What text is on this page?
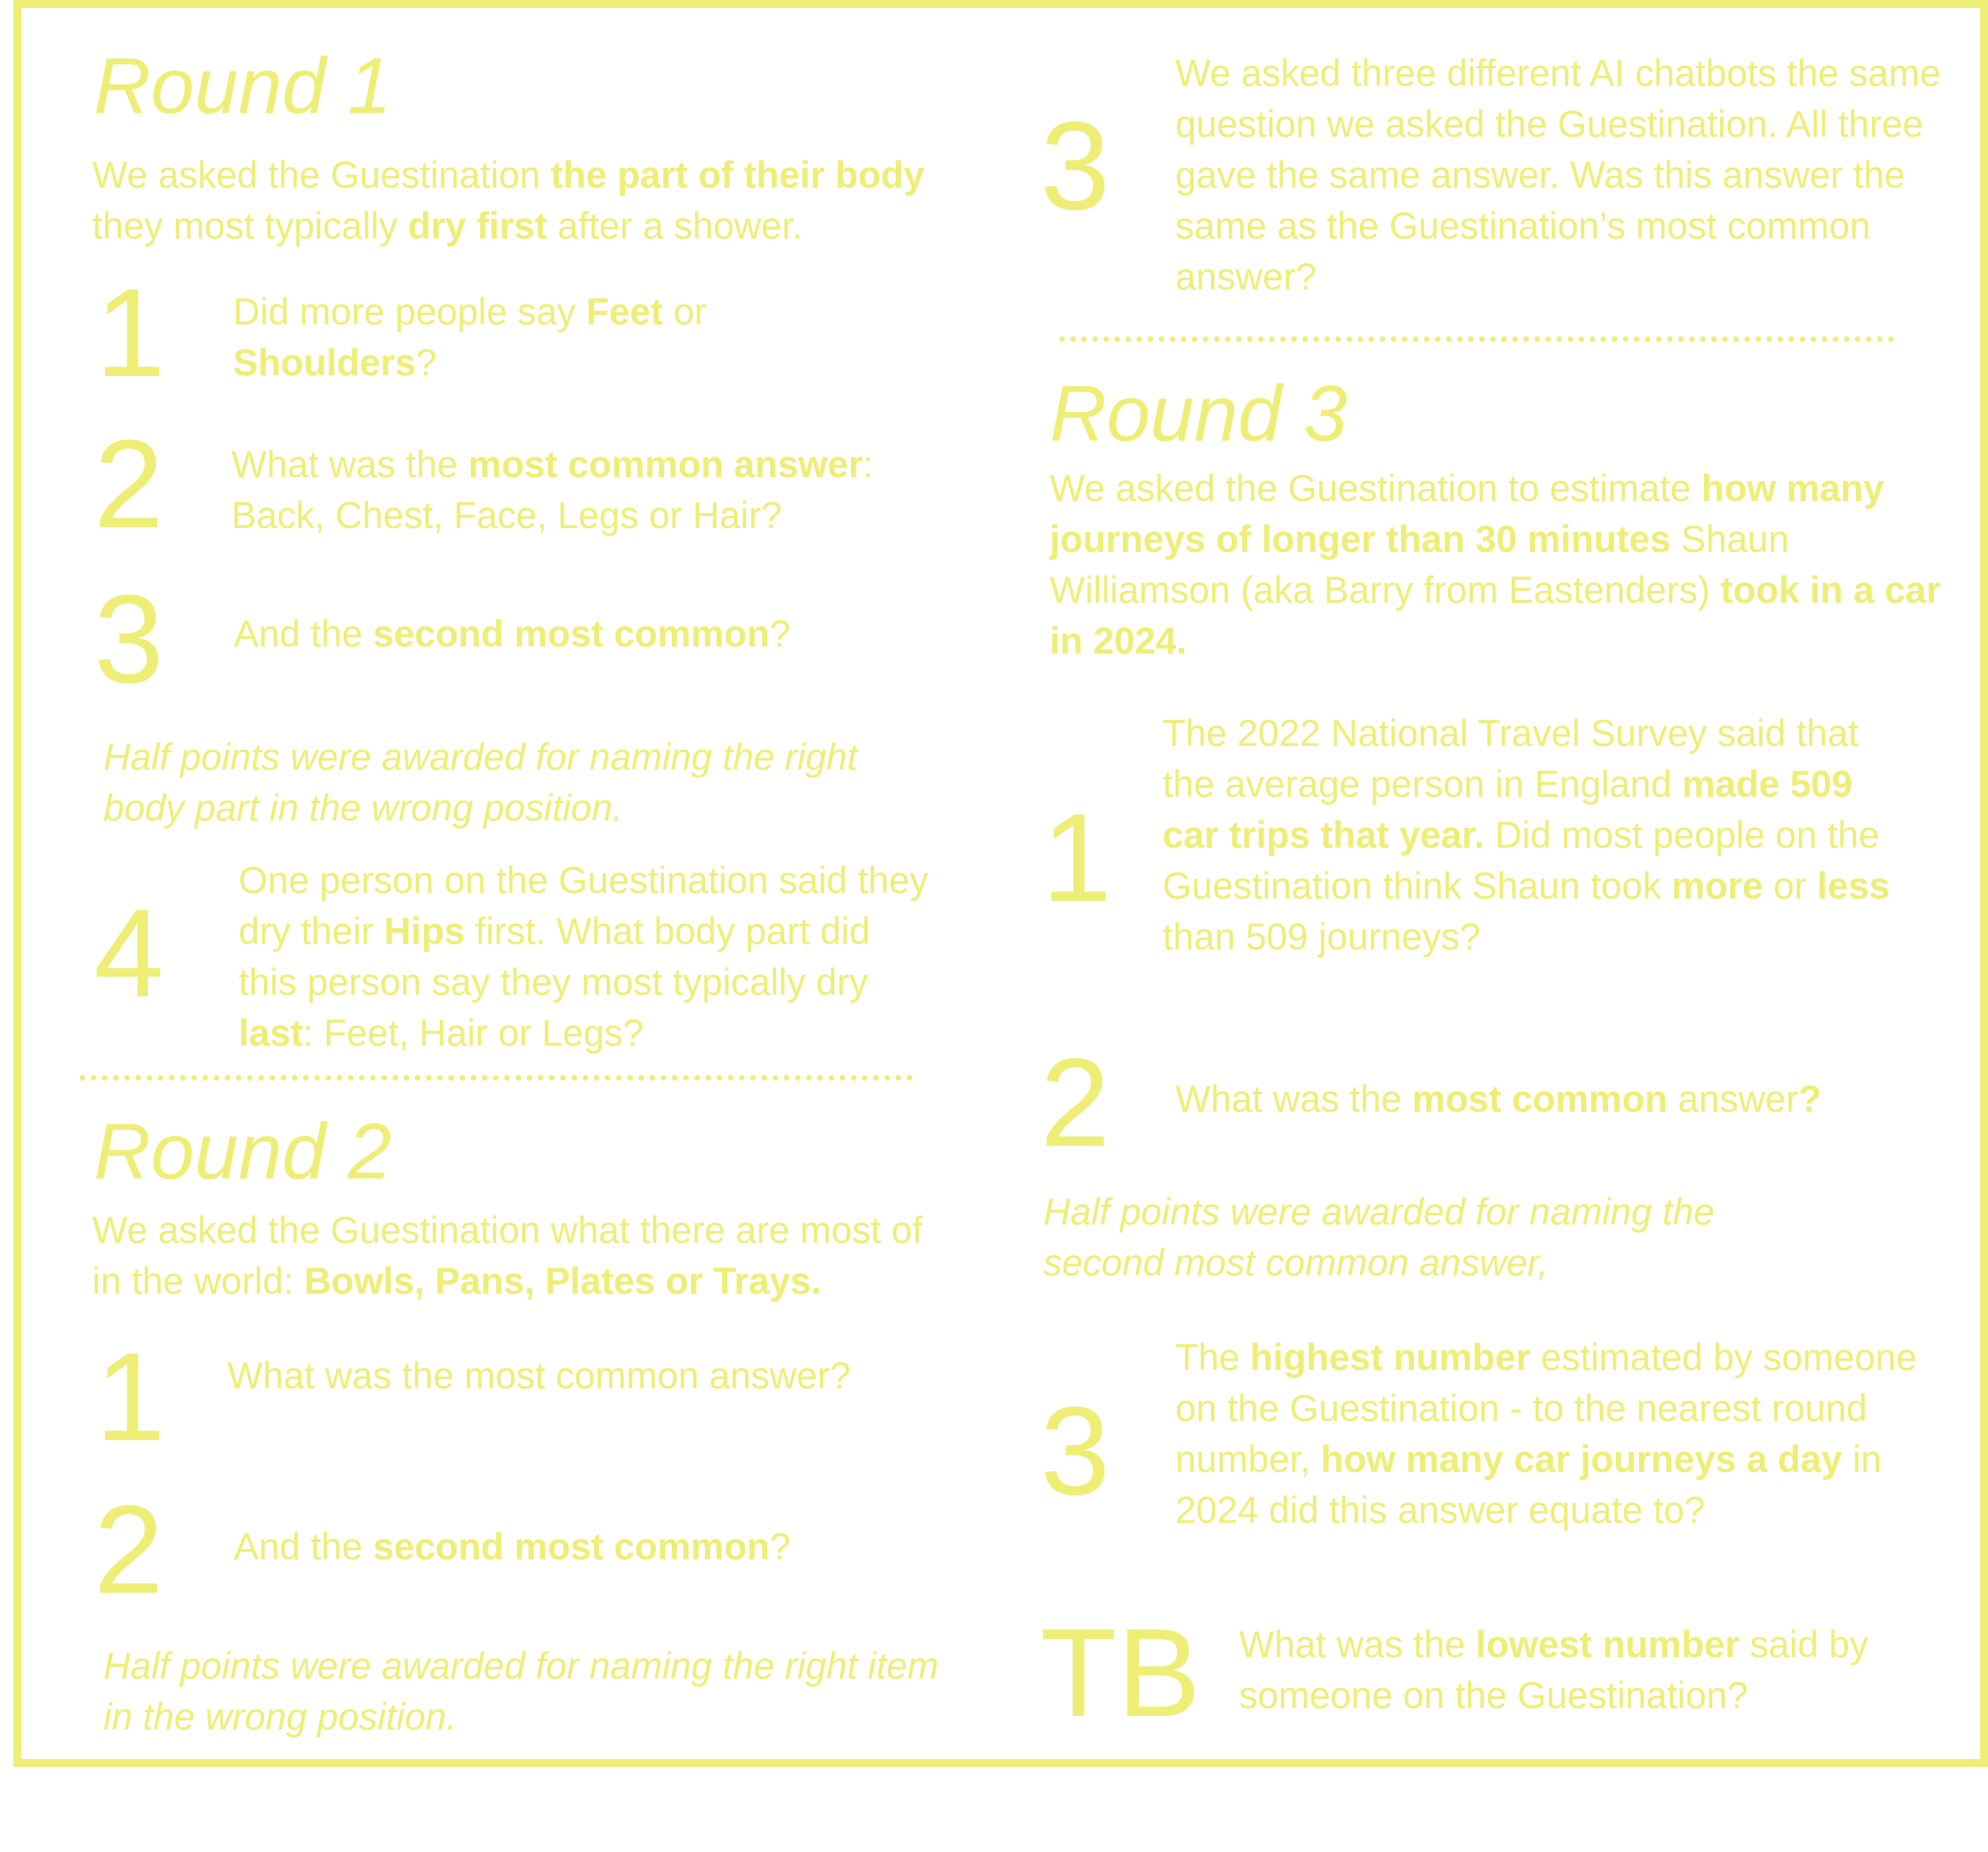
Round 1
We asked the Guestination the part of their body they most typically dry first after a shower.
1 Did more people say Feet or Shoulders?
2 What was the most common answer: Back, Chest, Face, Legs or Hair?
3 And the second most common?
Half points were awarded for naming the right body part in the wrong position.
4
One person on the Guestination said they dry their Hips first. What body part did this person say they most typically dry last: Feet, Hair or Legs?
Round 2
We asked the Guestination what there are most of in the world: Bowls, Pans, Plates or Trays.
1 What was the most common answer?
2 And the second most common?
Half points were awarded for naming the right item in the wrong position.
3
We asked three different AI chatbots the same question we asked the Guestination. All three gave the same answer. Was this answer the same as the Guestination’s most common answer?
Round 3
We asked the Guestination to estimate how many journeys of longer than 30 minutes Shaun Williamson (aka Barry from Eastenders) took in a car in 2024.
1
The 2022 National Travel Survey said that the average person in England made 509 car trips that year. Did most people on the Guestination think Shaun took more or less than 509 journeys?
2 What was the most common answer?
Half points were awarded for naming the second most common answer,
3
The highest number estimated by someone on the Guestination - to the nearest round number, how many car journeys a day in 2024 did this answer equate to?
TB What was the lowest number said by someone on the Guestination?
